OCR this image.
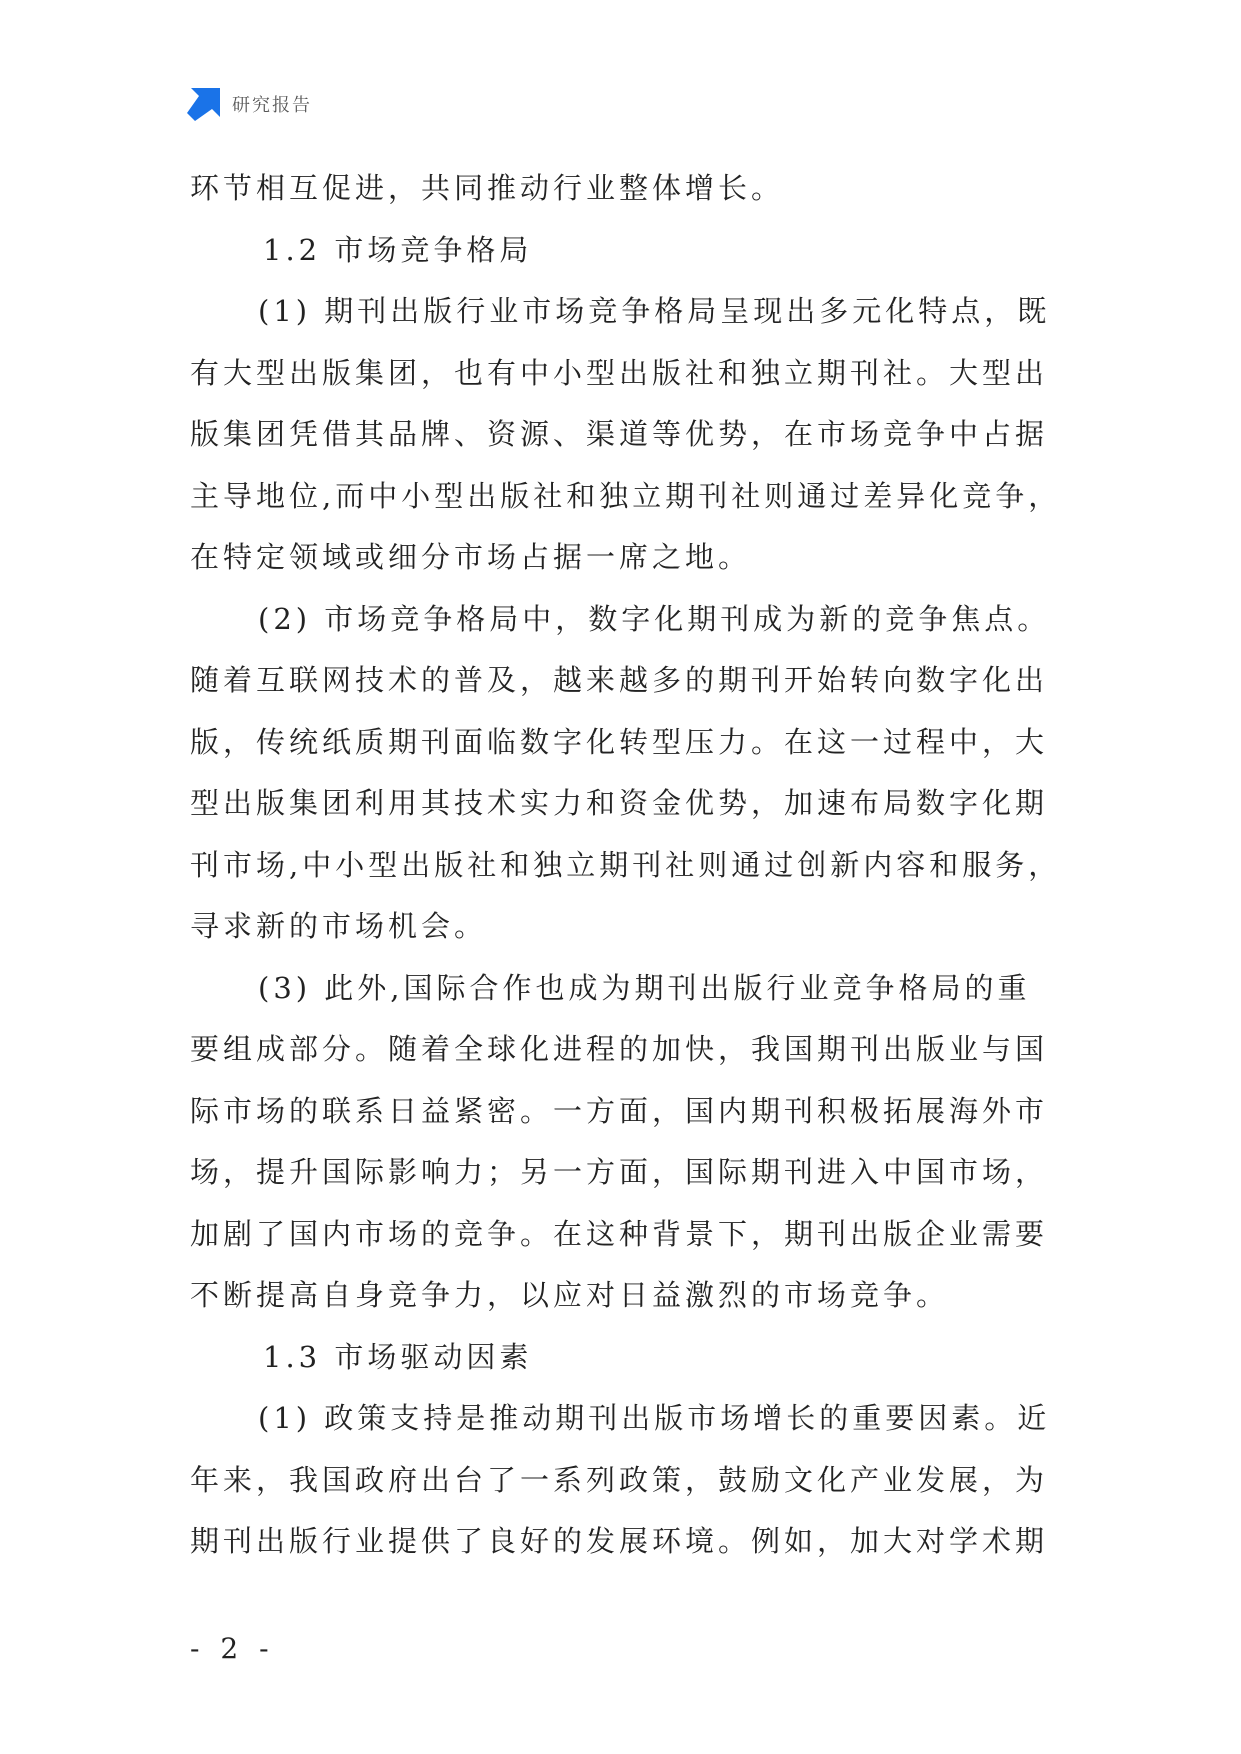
研究报告
环节相互促进，共同推动行业整体增长。
1.2 市场竞争格局
(1) 期刊出版行业市场竞争格局呈现出多元化特点，既
有大型出版集团，也有中小型出版社和独立期刊社。大型出
版集团凭借其品牌、资源、渠道等优势，在市场竞争中占据
主导地位,而中小型出版社和独立期刊社则通过差异化竞争，
在特定领域或细分市场占据一席之地。
(2) 市场竞争格局中，数字化期刊成为新的竞争焦点。
随着互联网技术的普及，越来越多的期刊开始转向数字化出
版，传统纸质期刊面临数字化转型压力。在这一过程中，大
型出版集团利用其技术实力和资金优势，加速布局数字化期
刊市场,中小型出版社和独立期刊社则通过创新内容和服务，
寻求新的市场机会。
(3) 此外,国际合作也成为期刊出版行业竞争格局的重
要组成部分。随着全球化进程的加快，我国期刊出版业与国
际市场的联系日益紧密。一方面，国内期刊积极拓展海外市
场，提升国际影响力；另一方面，国际期刊进入中国市场，
加剧了国内市场的竞争。在这种背景下，期刊出版企业需要
不断提高自身竞争力，以应对日益激烈的市场竞争。
1.3 市场驱动因素
(1) 政策支持是推动期刊出版市场增长的重要因素。近
年来，我国政府出台了一系列政策，鼓励文化产业发展，为
期刊出版行业提供了良好的发展环境。例如，加大对学术期
- 2 -
